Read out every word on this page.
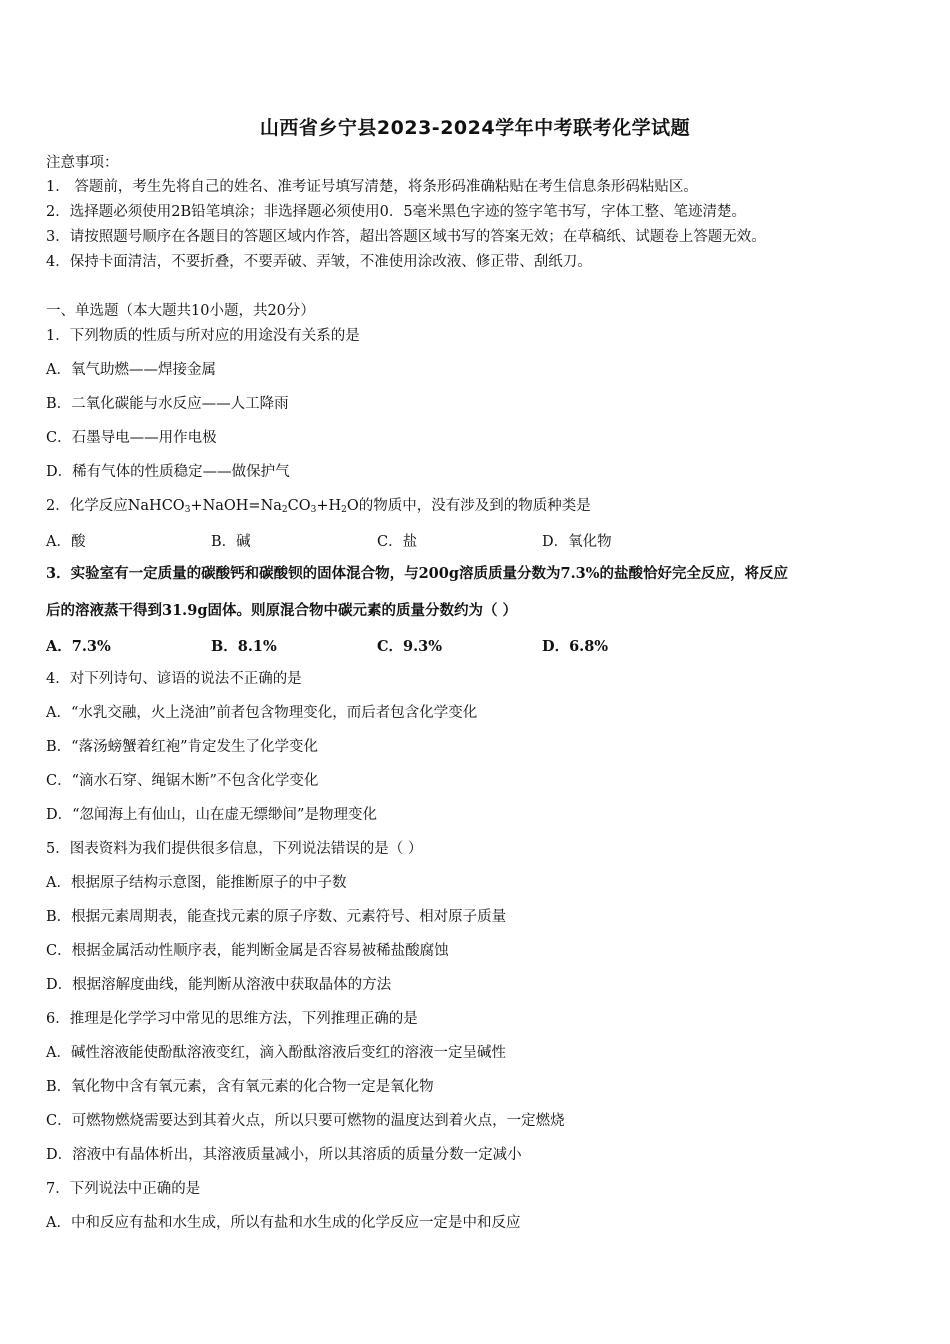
山西省乡宁县2023-2024学年中考联考化学试题
注意事项：
1． 答题前，考生先将自己的姓名、准考证号填写清楚，将条形码准确粘贴在考生信息条形码粘贴区。
2．选择题必须使用2B铅笔填涂；非选择题必须使用0．5毫米黑色字迹的签字笔书写，字体工整、笔迹清楚。
3．请按照题号顺序在各题目的答题区域内作答，超出答题区域书写的答案无效；在草稿纸、试题卷上答题无效。
4．保持卡面清洁，不要折叠，不要弄破、弄皱，不准使用涂改液、修正带、刮纸刀。
一、单选题（本大题共10小题，共20分）
1．下列物质的性质与所对应的用途没有关系的是
A．氧气助燃——焊接金属
B．二氧化碳能与水反应——人工降雨
C．石墨导电——用作电极
D．稀有气体的性质稳定——做保护气
2．化学反应$NaHCO_3+NaOH=Na_2CO_3+H_2O$的物质中，没有涉及到的物质种类是
A．酸	B．碱	C．盐	D．氧化物
3．实验室有一定质量的碳酸钙和碳酸钡的固体混合物，与200g溶质质量分数为7.3%的盐酸恰好完全反应，将反应
后的溶液蒸干得到31.9g固体。则原混合物中碳元素的质量分数约为（ ）
A．7.3%	B．8.1%	C．9.3%	D．6.8%
4．对下列诗句、谚语的说法不正确的是
A．“水乳交融，火上浇油”前者包含物理变化，而后者包含化学变化
B．“落汤螃蟹着红袍”肯定发生了化学变化
C．“滴水石穿、绳锯木断”不包含化学变化
D．“忽闻海上有仙山，山在虚无缥缈间”是物理变化
5．图表资料为我们提供很多信息，下列说法错误的是（ ）
A．根据原子结构示意图，能推断原子的中子数
B．根据元素周期表，能查找元素的原子序数、元素符号、相对原子质量
C．根据金属活动性顺序表，能判断金属是否容易被稀盐酸腐蚀
D．根据溶解度曲线，能判断从溶液中获取晶体的方法
6．推理是化学学习中常见的思维方法，下列推理正确的是
A．碱性溶液能使酚酞溶液变红，滴入酚酞溶液后变红的溶液一定呈碱性
B．氧化物中含有氧元素，含有氧元素的化合物一定是氧化物
C．可燃物燃烧需要达到其着火点，所以只要可燃物的温度达到着火点，一定燃烧
D．溶液中有晶体析出，其溶液质量减小，所以其溶质的质量分数一定减小
7．下列说法中正确的是
A．中和反应有盐和水生成，所以有盐和水生成的化学反应一定是中和反应
